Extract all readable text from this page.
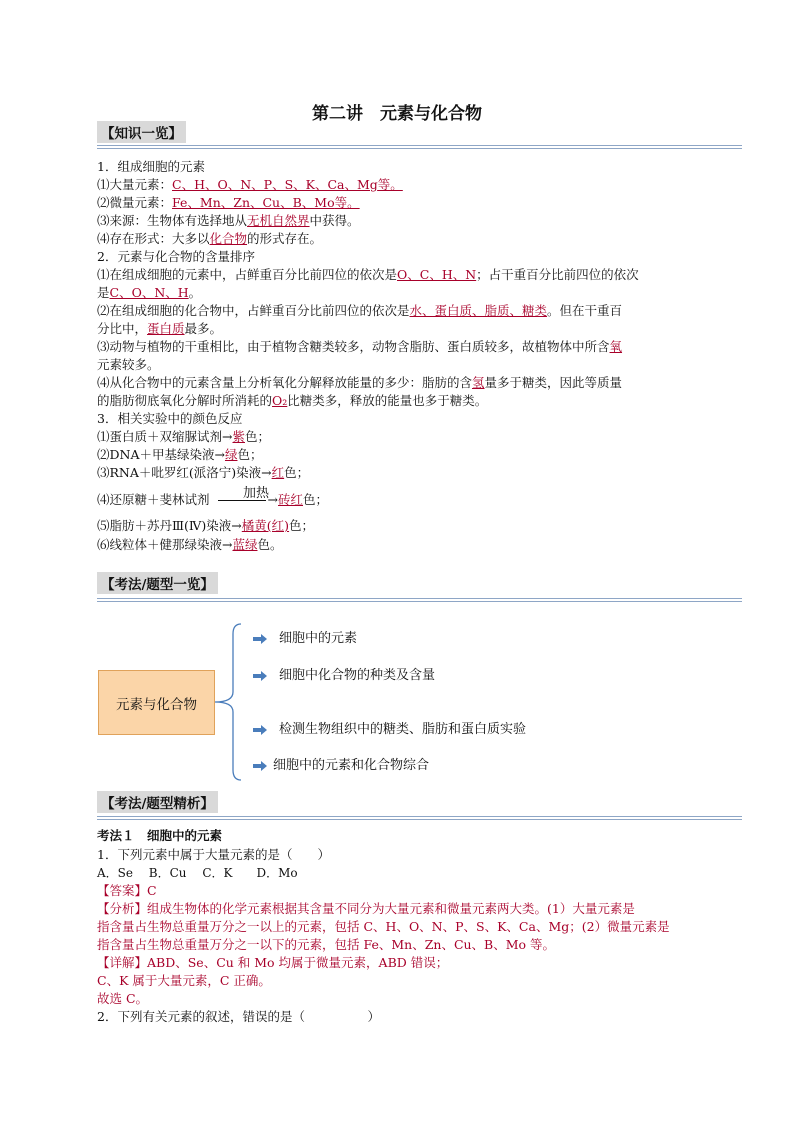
第二讲　元素与化合物
【知识一览】
1．组成细胞的元素
⑴大量元素：C、H、O、N、P、S、K、Ca、Mg等。
⑵微量元素：Fe、Mn、Zn、Cu、B、Mo等。
⑶来源：生物体有选择地从无机自然界中获得。
⑷存在形式：大多以化合物的形式存在。
2．元素与化合物的含量排序
⑴在组成细胞的元素中，占鲜重百分比前四位的依次是O、C、H、N；占干重百分比前四位的依次
是C、O、N、H。
⑵在组成细胞的化合物中，占鲜重百分比前四位的依次是水、蛋白质、脂质、糖类。但在干重百
分比中，蛋白质最多。
⑶动物与植物的干重相比，由于植物含糖类较多，动物含脂肪、蛋白质较多，故植物体中所含氧
元素较多。
⑷从化合物中的元素含量上分析氧化分解释放能量的多少：脂肪的含氢量多于糖类，因此等质量
的脂肪彻底氧化分解时所消耗的O₂比糖类多，释放的能量也多于糖类。
3．相关实验中的颜色反应
⑴蛋白质＋双缩脲试剂→紫色；
⑵DNA＋甲基绿染液→绿色；
⑶RNA＋吡罗红(派洛宁)染液→红色；
⑷还原糖＋斐林试剂	→砖红色；
加热
⑸脂肪＋苏丹Ⅲ(Ⅳ)染液→橘黄(红)色；
⑹线粒体＋健那绿染液→蓝绿色。
【考法/题型一览】
元素与化合物
细胞中的元素
细胞中化合物的种类及含量
检测生物组织中的糖类、脂肪和蛋白质实验
细胞中的元素和化合物综合
【考法/题型精析】
考法１　细胞中的元素
1．下列元素中属于大量元素的是（　　）
A．Se　 B．Cu　 C．K　　D．Mo
【答案】C
【分析】组成生物体的化学元素根据其含量不同分为大量元素和微量元素两大类。(1）大量元素是
指含量占生物总重量万分之一以上的元素，包括 C、H、O、N、P、S、K、Ca、Mg；(2）微量元素是
指含量占生物总重量万分之一以下的元素，包括 Fe、Mn、Zn、Cu、B、Mo 等。
【详解】ABD、Se、Cu 和 Mo 均属于微量元素，ABD 错误；
C、K 属于大量元素，C 正确。
故选 C。
2．下列有关元素的叙述，错误的是（　　　　　）
